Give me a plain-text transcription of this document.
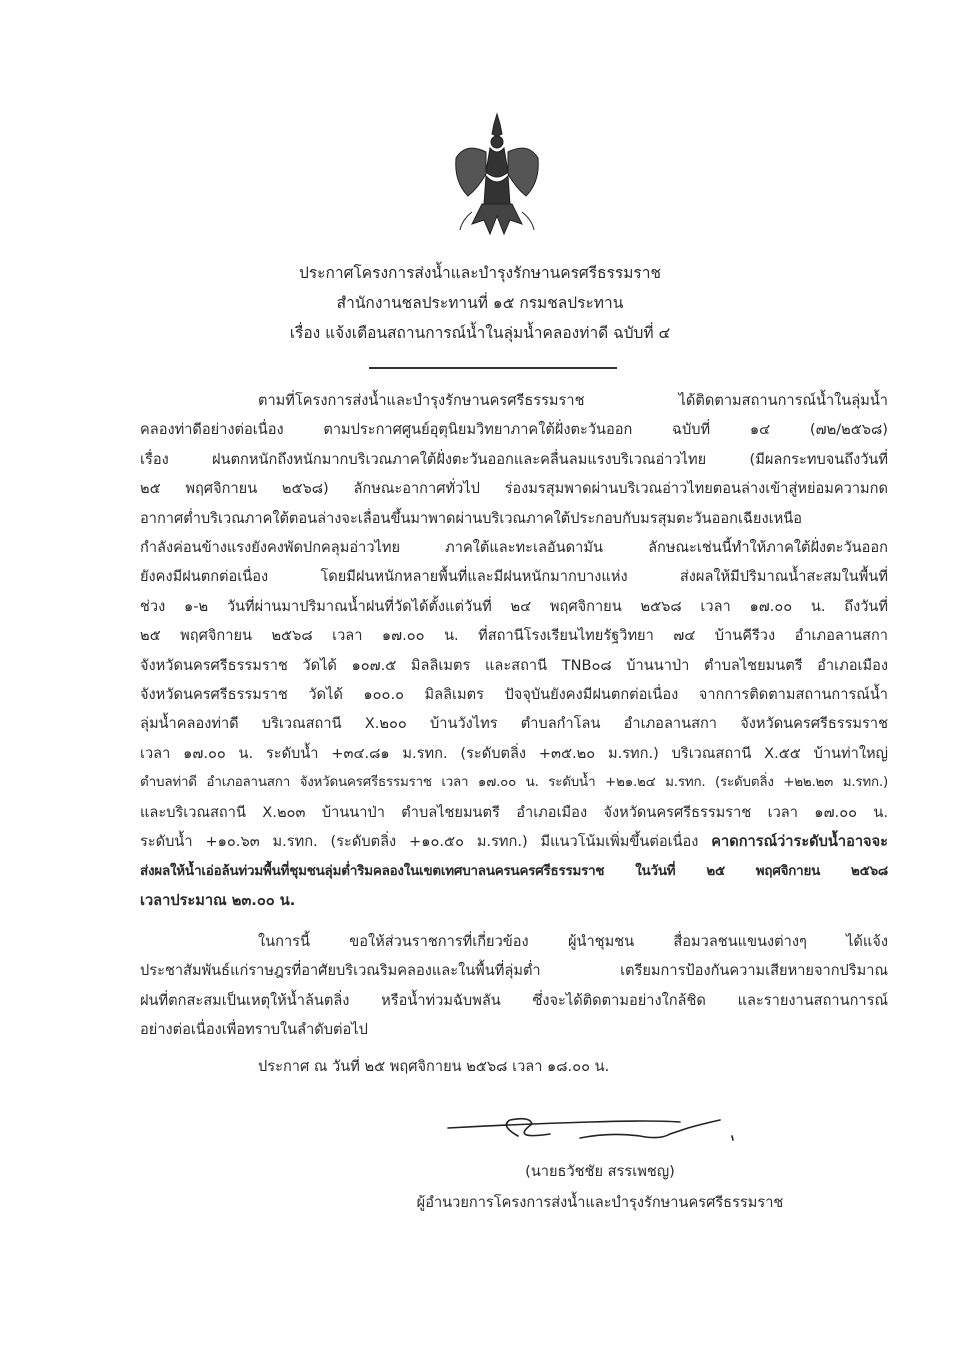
ประกาศโครงการส่งน้ำและบำรุงรักษานครศรีธรรมราช
สำนักงานชลประทานที่ ๑๕ กรมชลประทาน
เรื่อง แจ้งเตือนสถานการณ์น้ำในลุ่มน้ำคลองท่าดี ฉบับที่ ๔
ตามที่โครงการส่งน้ำและบำรุงรักษานครศรีธรรมราช ได้ติดตามสถานการณ์น้ำในลุ่มน้ำ
คลองท่าดีอย่างต่อเนื่อง ตามประกาศศูนย์อุตุนิยมวิทยาภาคใต้ฝั่งตะวันออก ฉบับที่ ๑๔ (๗๒/๒๕๖๘)
เรื่อง ฝนตกหนักถึงหนักมากบริเวณภาคใต้ฝั่งตะวันออกและคลื่นลมแรงบริเวณอ่าวไทย (มีผลกระทบจนถึงวันที่
๒๕ พฤศจิกายน ๒๕๖๘) ลักษณะอากาศทั่วไป ร่องมรสุมพาดผ่านบริเวณอ่าวไทยตอนล่างเข้าสู่หย่อมความกด
อากาศต่ำบริเวณภาคใต้ตอนล่างจะเลื่อนขึ้นมาพาดผ่านบริเวณภาคใต้ประกอบกับมรสุมตะวันออกเฉียงเหนือ
กำลังค่อนข้างแรงยังคงพัดปกคลุมอ่าวไทย ภาคใต้และทะเลอันดามัน ลักษณะเช่นนี้ทำให้ภาคใต้ฝั่งตะวันออก
ยังคงมีฝนตกต่อเนื่อง โดยมีฝนหนักหลายพื้นที่และมีฝนหนักมากบางแห่ง ส่งผลให้มีปริมาณน้ำสะสมในพื้นที่
ช่วง ๑-๒ วันที่ผ่านมาปริมาณน้ำฝนที่วัดได้ตั้งแต่วันที่ ๒๔ พฤศจิกายน ๒๕๖๘ เวลา ๑๗.๐๐ น. ถึงวันที่
๒๕ พฤศจิกายน ๒๕๖๘ เวลา ๑๗.๐๐ น. ที่สถานีโรงเรียนไทยรัฐวิทยา ๗๔ บ้านคีรีวง อำเภอลานสกา
จังหวัดนครศรีธรรมราช วัดได้ ๑๐๗.๕ มิลลิเมตร และสถานี TNB๐๘ บ้านนาป่า ตำบลไชยมนตรี อำเภอเมือง
จังหวัดนครศรีธรรมราช วัดได้ ๑๐๐.๐ มิลลิเมตร ปัจจุบันยังคงมีฝนตกต่อเนื่อง จากการติดตามสถานการณ์น้ำ
ลุ่มน้ำคลองท่าดี บริเวณสถานี X.๒๐๐ บ้านวังไทร ตำบลกำโลน อำเภอลานสกา จังหวัดนครศรีธรรมราช
เวลา ๑๗.๐๐ น. ระดับน้ำ +๓๔.๘๑ ม.รทก. (ระดับตลิ่ง +๓๕.๒๐ ม.รทก.) บริเวณสถานี X.๕๕ บ้านท่าใหญ่
ตำบลท่าดี อำเภอลานสกา จังหวัดนครศรีธรรมราช เวลา ๑๗.๐๐ น. ระดับน้ำ +๒๑.๒๔ ม.รทก. (ระดับตลิ่ง +๒๒.๒๓ ม.รทก.)
และบริเวณสถานี X.๒๐๓ บ้านนาป่า ตำบลไชยมนตรี อำเภอเมือง จังหวัดนครศรีธรรมราช เวลา ๑๗.๐๐ น.
ระดับน้ำ +๑๐.๖๓ ม.รทก. (ระดับตลิ่ง +๑๐.๕๐ ม.รทก.) มีแนวโน้มเพิ่มขึ้นต่อเนื่อง คาดการณ์ว่าระดับน้ำอาจจะ
ส่งผลให้น้ำเอ่อล้นท่วมพื้นที่ชุมชนลุ่มต่ำริมคลองในเขตเทศบาลนครนครศรีธรรมราช ในวันที่ ๒๕ พฤศจิกายน ๒๕๖๘
เวลาประมาณ ๒๓.๐๐ น.
ในการนี้ ขอให้ส่วนราชการที่เกี่ยวข้อง ผู้นำชุมชน สื่อมวลชนแขนงต่างๆ ได้แจ้ง
ประชาสัมพันธ์แก่ราษฎรที่อาศัยบริเวณริมคลองและในพื้นที่ลุ่มต่ำ เตรียมการป้องกันความเสียหายจากปริมาณ
ฝนที่ตกสะสมเป็นเหตุให้น้ำล้นตลิ่ง หรือน้ำท่วมฉับพลัน ซึ่งจะได้ติดตามอย่างใกล้ชิด และรายงานสถานการณ์
อย่างต่อเนื่องเพื่อทราบในลำดับต่อไป
ประกาศ ณ วันที่ ๒๕ พฤศจิกายน ๒๕๖๘ เวลา ๑๘.๐๐ น.
(นายธวัชชัย สรรเพชญ)
ผู้อำนวยการโครงการส่งน้ำและบำรุงรักษานครศรีธรรมราช
